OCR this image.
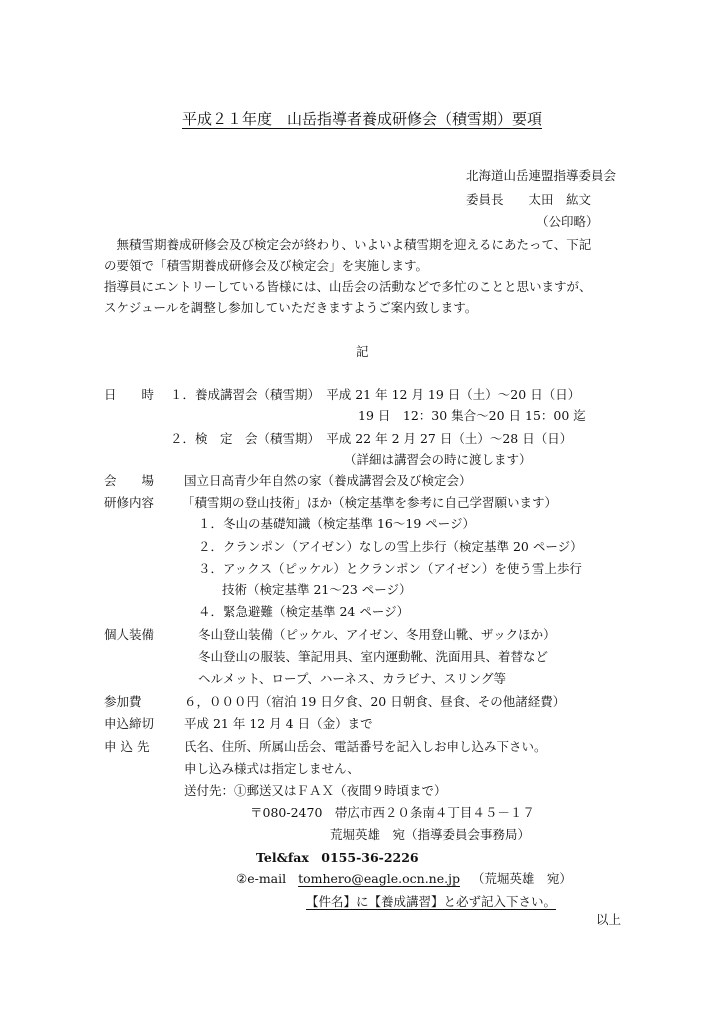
平成２１年度　山岳指導者養成研修会（積雪期）要項
北海道山岳連盟指導委員会
委員長　　太田　紘文
（公印略）
　無積雪期養成研修会及び検定会が終わり、いよいよ積雪期を迎えるにあたって、下記
の要領で「積雪期養成研修会及び検定会」を実施します。
指導員にエントリーしている皆様には、山岳会の活動などで多忙のことと思いますが、
スケジュールを調整し参加していただきますようご案内致します。
記
日　　時 １．養成講習会（積雪期）　平成 21 年 12 月 19 日（土）～20 日（日）
19 日　12：30 集合～20 日 15：00 迄
２．検　定　会（積雪期）　平成 22 年 2 月 27 日（土）～28 日（日）
（詳細は講習会の時に渡します）
会　　場 国立日高青少年自然の家（養成講習会及び検定会）
研修内容 「積雪期の登山技術」ほか（検定基準を参考に自己学習願います）
１．冬山の基礎知識（検定基準 16～19 ページ）
２．クランポン（アイゼン）なしの雪上歩行（検定基準 20 ページ）
３．アックス（ピッケル）とクランポン（アイゼン）を使う雪上歩行
技術（検定基準 21～23 ページ）
４．緊急避難（検定基準 24 ページ）
個人装備	冬山登山装備（ピッケル、アイゼン、冬用登山靴、ザックほか）
冬山登山の服装、筆記用具、室内運動靴、洗面用具、着替など
ヘルメット、ロープ、ハーネス、カラビナ、スリング等
参加費	６，０００円（宿泊 19 日夕食、20 日朝食、昼食、その他諸経費）
申込締切 平成 21 年 12 月 4 日（金）まで
申 込 先	氏名、住所、所属山岳会、電話番号を記入しお申し込み下さい。
申し込み様式は指定しません、
送付先：①郵送又はＦＡＸ（夜間９時頃まで）
〒080-2470　帯広市西２０条南４丁目４５－１７
荒堀英雄　宛（指導委員会事務局）
Tel&fax　0155-36-2226
②e-mail tomhero@eagle.ocn.ne.jp （荒堀英雄　宛）
【件名】に【養成講習】と必ず記入下さい。
以上
